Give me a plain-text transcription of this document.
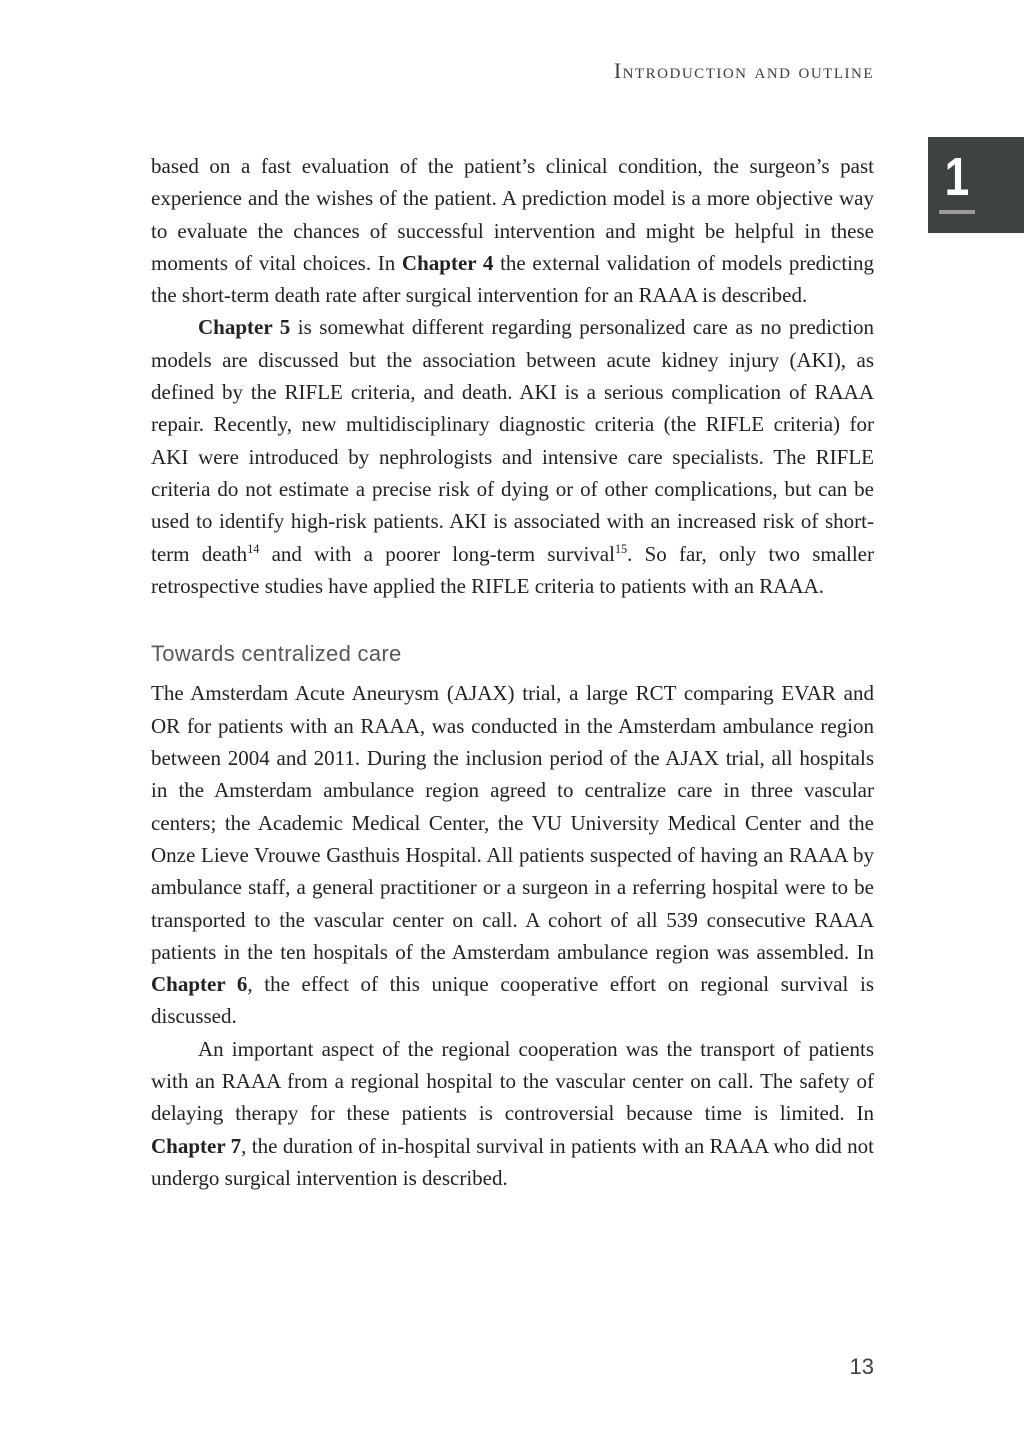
Introduction and outline
1

based on a fast evaluation of the patient’s clinical condition, the surgeon’s past experience and the wishes of the patient. A prediction model is a more objective way to evaluate the chances of successful intervention and might be helpful in these moments of vital choices. In Chapter 4 the external validation of models predicting the short-term death rate after surgical intervention for an RAAA is described.

Chapter 5 is somewhat different regarding personalized care as no prediction models are discussed but the association between acute kidney injury (AKI), as defined by the RIFLE criteria, and death. AKI is a serious complication of RAAA repair. Recently, new multidisciplinary diagnostic criteria (the RIFLE criteria) for AKI were introduced by nephrologists and intensive care specialists. The RIFLE criteria do not estimate a precise risk of dying or of other complications, but can be used to identify high-risk patients. AKI is associated with an increased risk of short-term death$^{14}$ and with a poorer long-term survival$^{15}$. So far, only two smaller retrospective studies have applied the RIFLE criteria to patients with an RAAA.

Towards centralized care

The Amsterdam Acute Aneurysm (AJAX) trial, a large RCT comparing EVAR and OR for patients with an RAAA, was conducted in the Amsterdam ambulance region between 2004 and 2011. During the inclusion period of the AJAX trial, all hospitals in the Amsterdam ambulance region agreed to centralize care in three vascular centers; the Academic Medical Center, the VU University Medical Center and the Onze Lieve Vrouwe Gasthuis Hospital. All patients suspected of having an RAAA by ambulance staff, a general practitioner or a surgeon in a referring hospital were to be transported to the vascular center on call. A cohort of all 539 consecutive RAAA patients in the ten hospitals of the Amsterdam ambulance region was assembled. In Chapter 6, the effect of this unique cooperative effort on regional survival is discussed.

An important aspect of the regional cooperation was the transport of patients with an RAAA from a regional hospital to the vascular center on call. The safety of delaying therapy for these patients is controversial because time is limited. In Chapter 7, the duration of in-hospital survival in patients with an RAAA who did not undergo surgical intervention is described.

13
